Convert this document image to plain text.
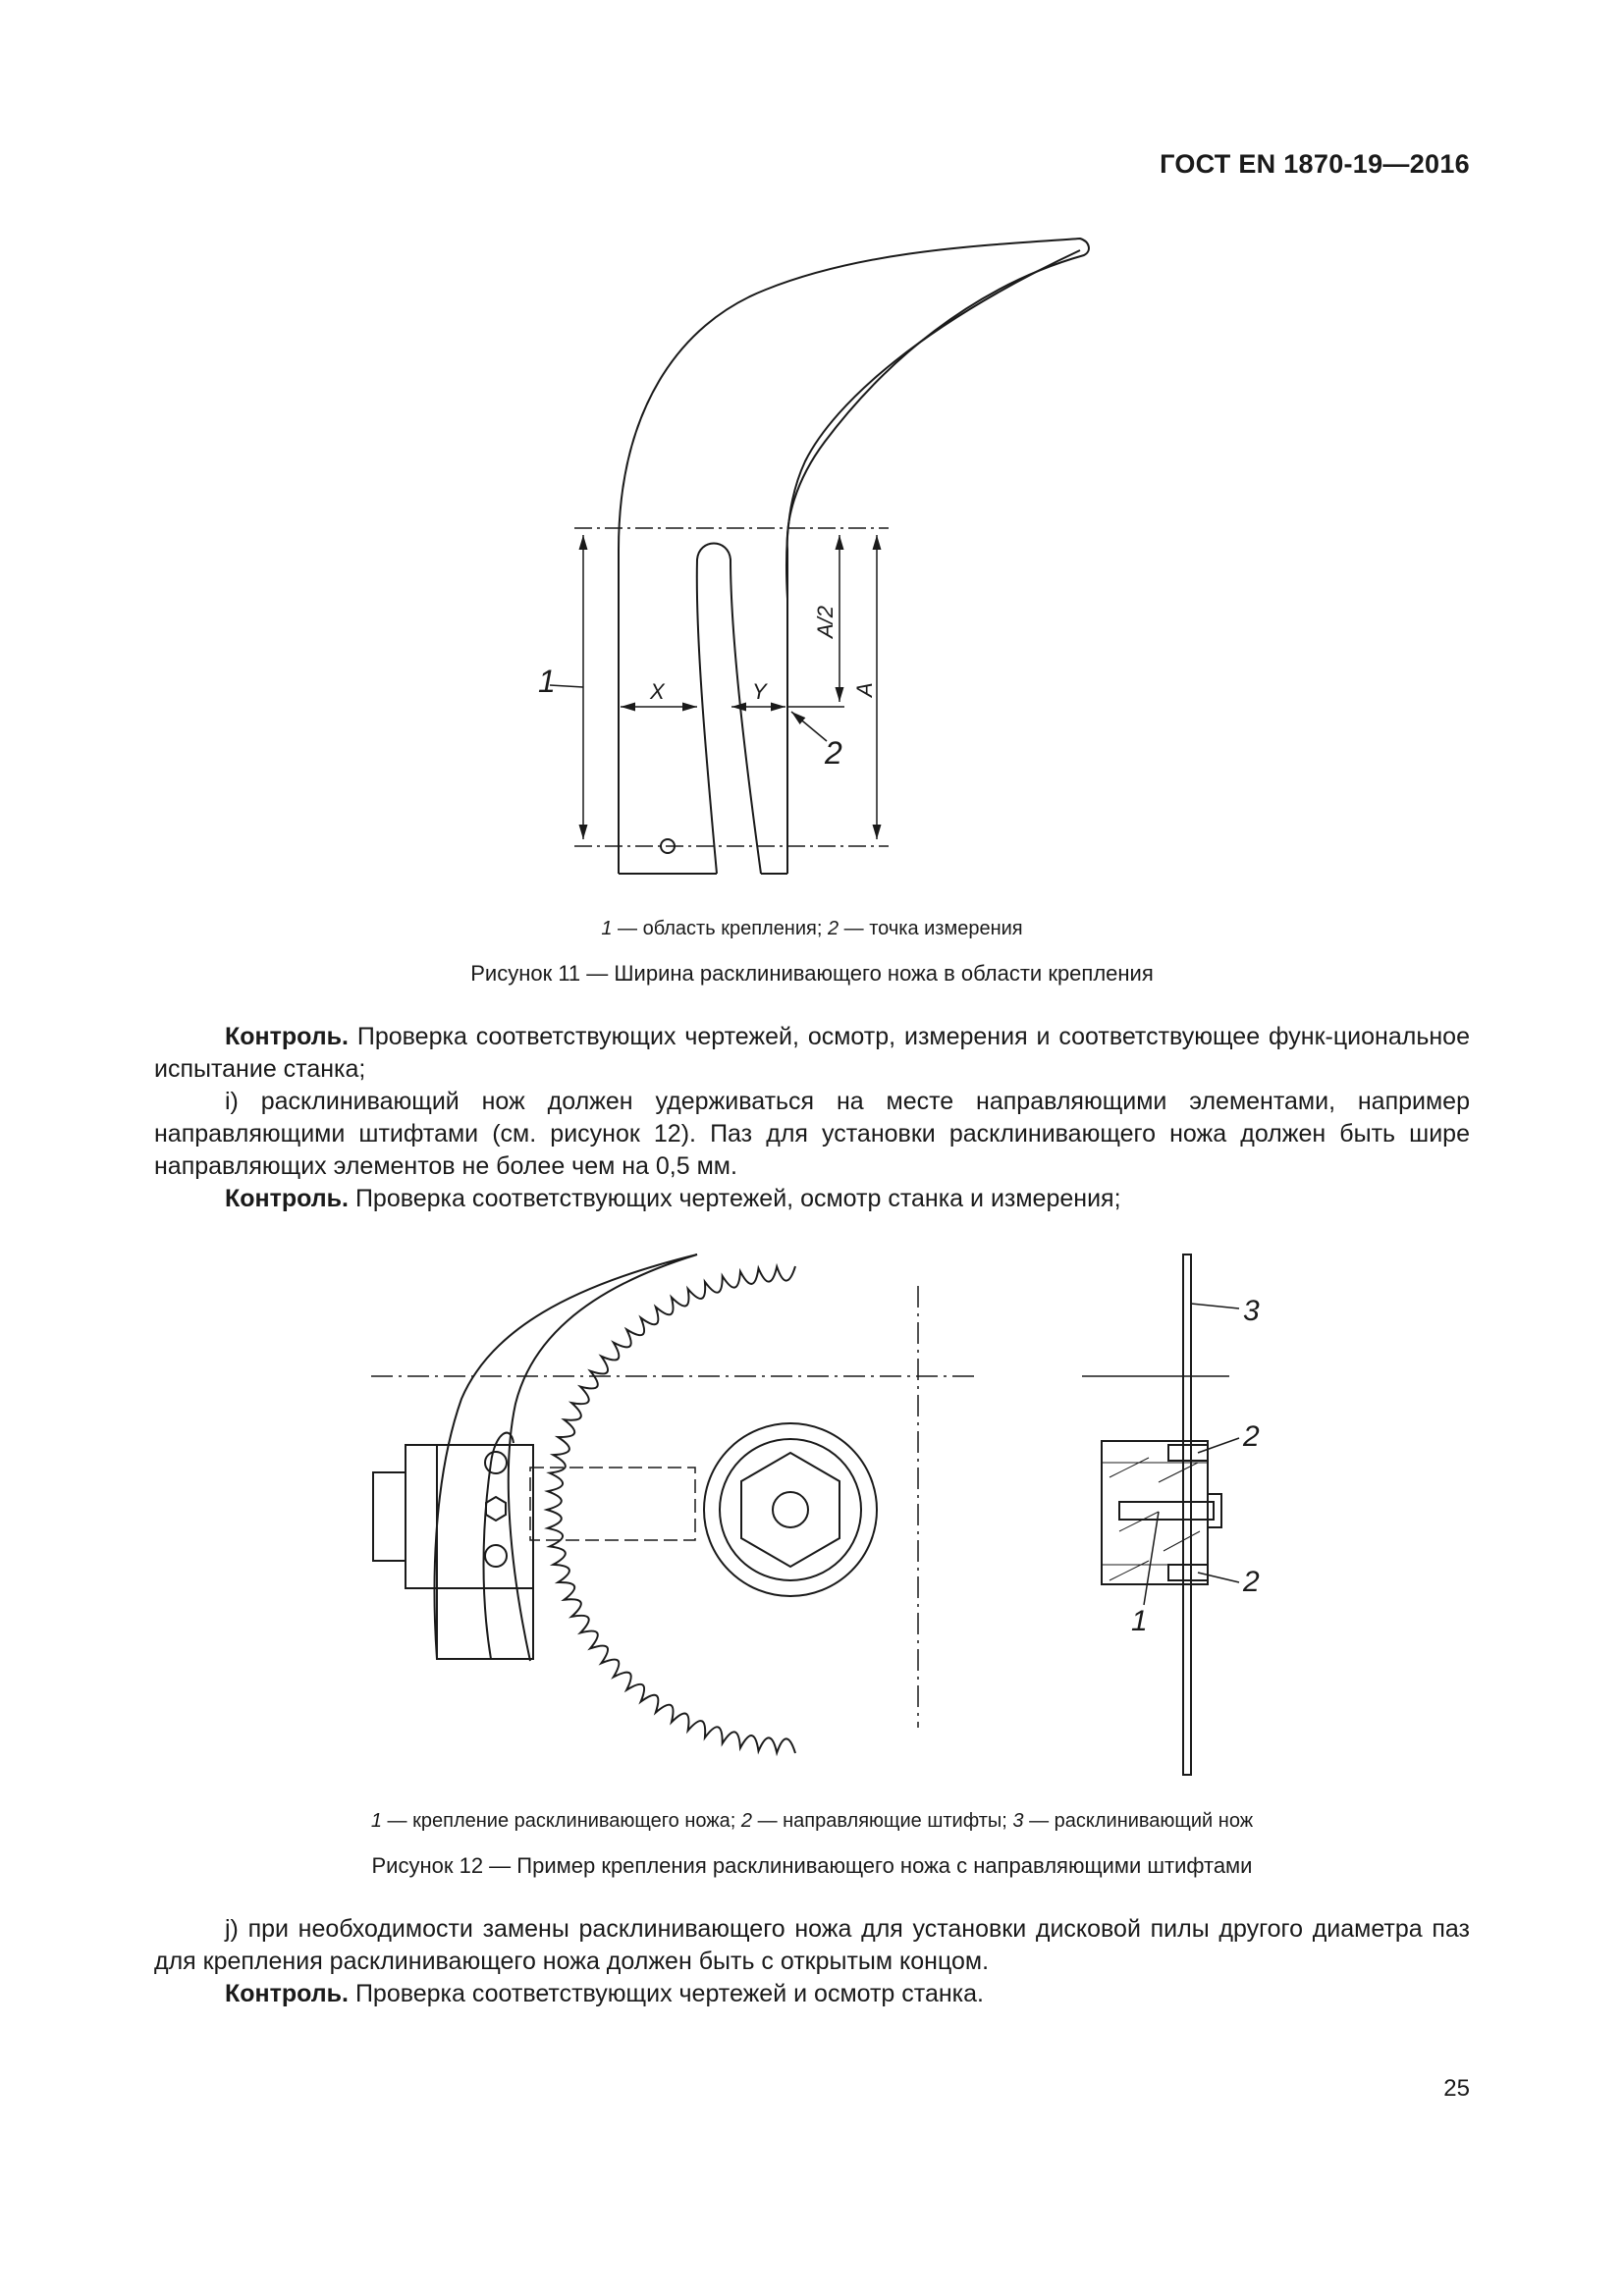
ГОСТ EN 1870-19—2016
1
2
X	Y	A
A/2
1 — область крепления; 2 — точка измерения
Рисунок 11 — Ширина расклинивающего ножа в области крепления

Контроль. Проверка соответствующих чертежей, осмотр, измерения и соответствующее функ-циональное испытание станка;

i) расклинивающий нож должен удерживаться на месте направляющими элементами, например направляющими штифтами (см. рисунок 12). Паз для установки расклинивающего ножа должен быть шире направляющих элементов не более чем на 0,5 мм.

Контроль. Проверка соответствующих чертежей, осмотр станка и измерения;

3
2
2
1
1 — крепление расклинивающего ножа; 2 — направляющие штифты; 3 — расклинивающий нож
Рисунок 12 — Пример крепления расклинивающего ножа с направляющими штифтами

j) при необходимости замены расклинивающего ножа для установки дисковой пилы другого диаметра паз для крепления расклинивающего ножа должен быть с открытым концом.

Контроль. Проверка соответствующих чертежей и осмотр станка.

25
